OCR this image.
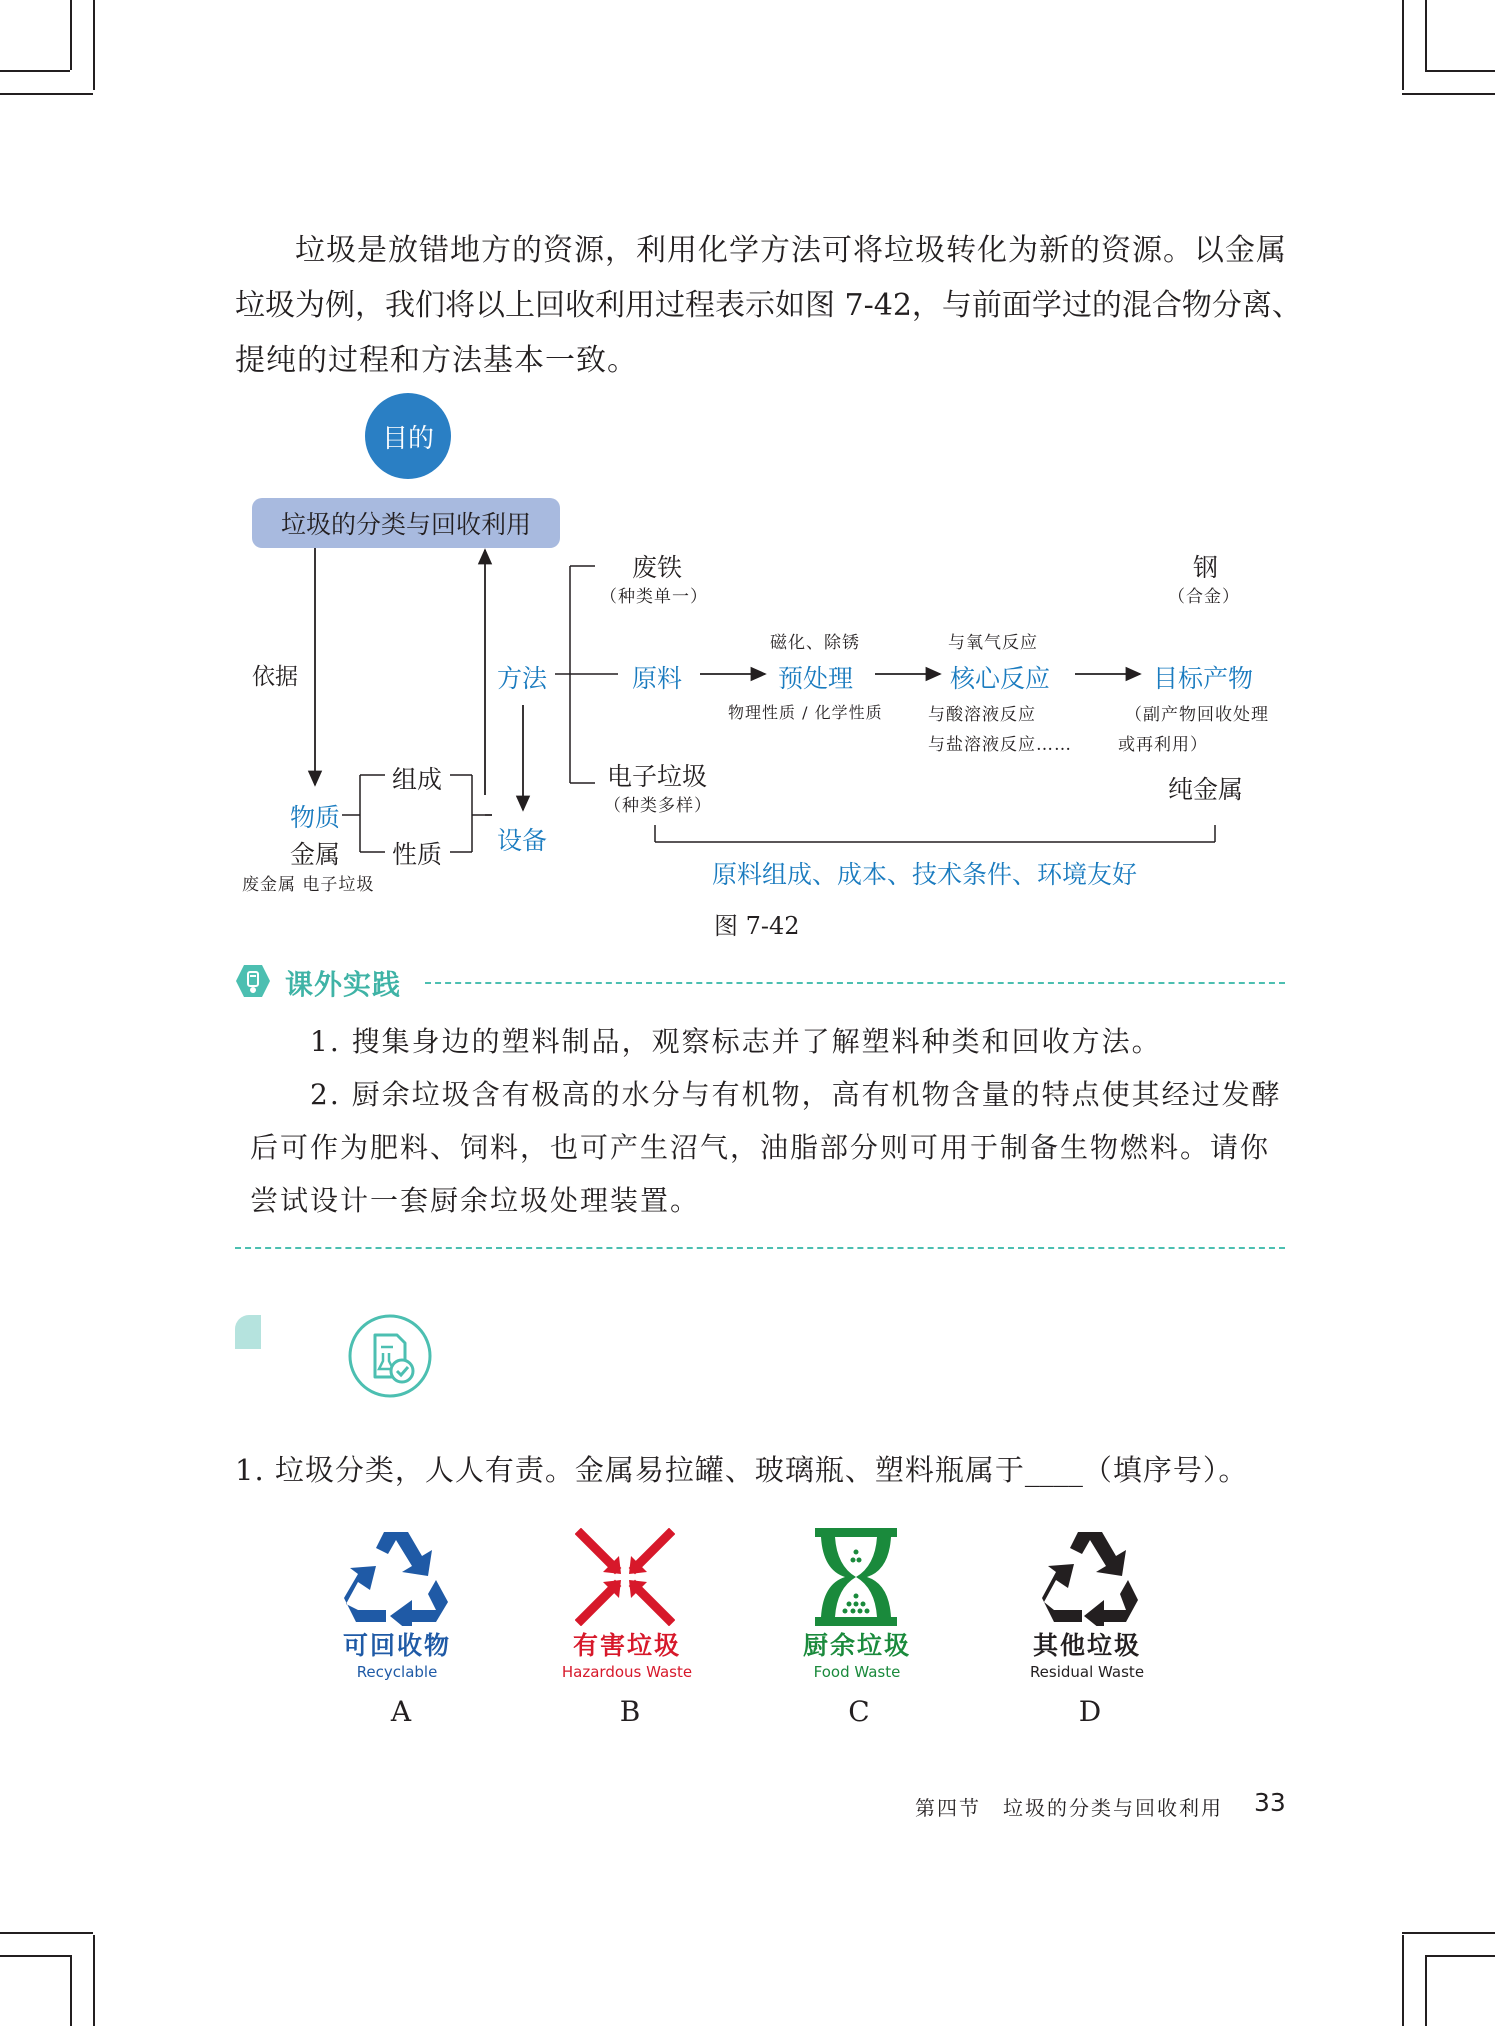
垃圾是放错地方的资源，利用化学方法可将垃圾转化为新的资源。以金属
垃圾为例，我们将以上回收利用过程表示如图 7-42，与前面学过的混合物分离、
提纯的过程和方法基本一致。
目的
垃圾的分类与回收利用
依据
物质
金属
废金属 电子垃圾
组成
性质
方法
设备
废铁
（种类单一）
原料
电子垃圾
（种类多样）
磁化、除锈
预处理
物理性质 / 化学性质
与氧气反应
核心反应
与酸溶液反应
与盐溶液反应……
钢
（合金）
目标产物
（副产物回收处理
或再利用）
纯金属
原料组成、成本、技术条件、环境友好
图 7-42
课外实践
1. 搜集身边的塑料制品，观察标志并了解塑料种类和回收方法。
2. 厨余垃圾含有极高的水分与有机物，高有机物含量的特点使其经过发酵
后可作为肥料、饲料，也可产生沼气，油脂部分则可用于制备生物燃料。请你
尝试设计一套厨余垃圾处理装置。
1. 垃圾分类，人人有责。金属易拉罐、玻璃瓶、塑料瓶属于____（填序号）。
可回收物
Recyclable
A
有害垃圾
Hazardous Waste
B
厨余垃圾
Food Waste
C
其他垃圾
Residual Waste
D
第四节　垃圾的分类与回收利用 33
